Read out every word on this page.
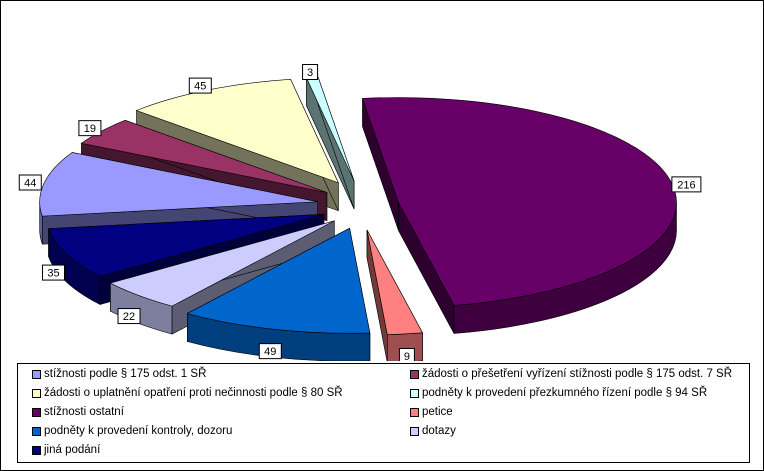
216
9
49
22
35
44
19
45
3
stížnosti podle § 175 odst. 1 SŘ	žádosti o přešetření vyřízení stížnosti podle § 175 odst. 7 SŘ
žádosti o uplatnění opatření proti nečinnosti podle § 80 SŘ	podněty k provedení přezkumného řízení podle § 94 SŘ
stížnosti ostatní	petice
podněty k provedení kontroly, dozoru	dotazy
jiná podání
